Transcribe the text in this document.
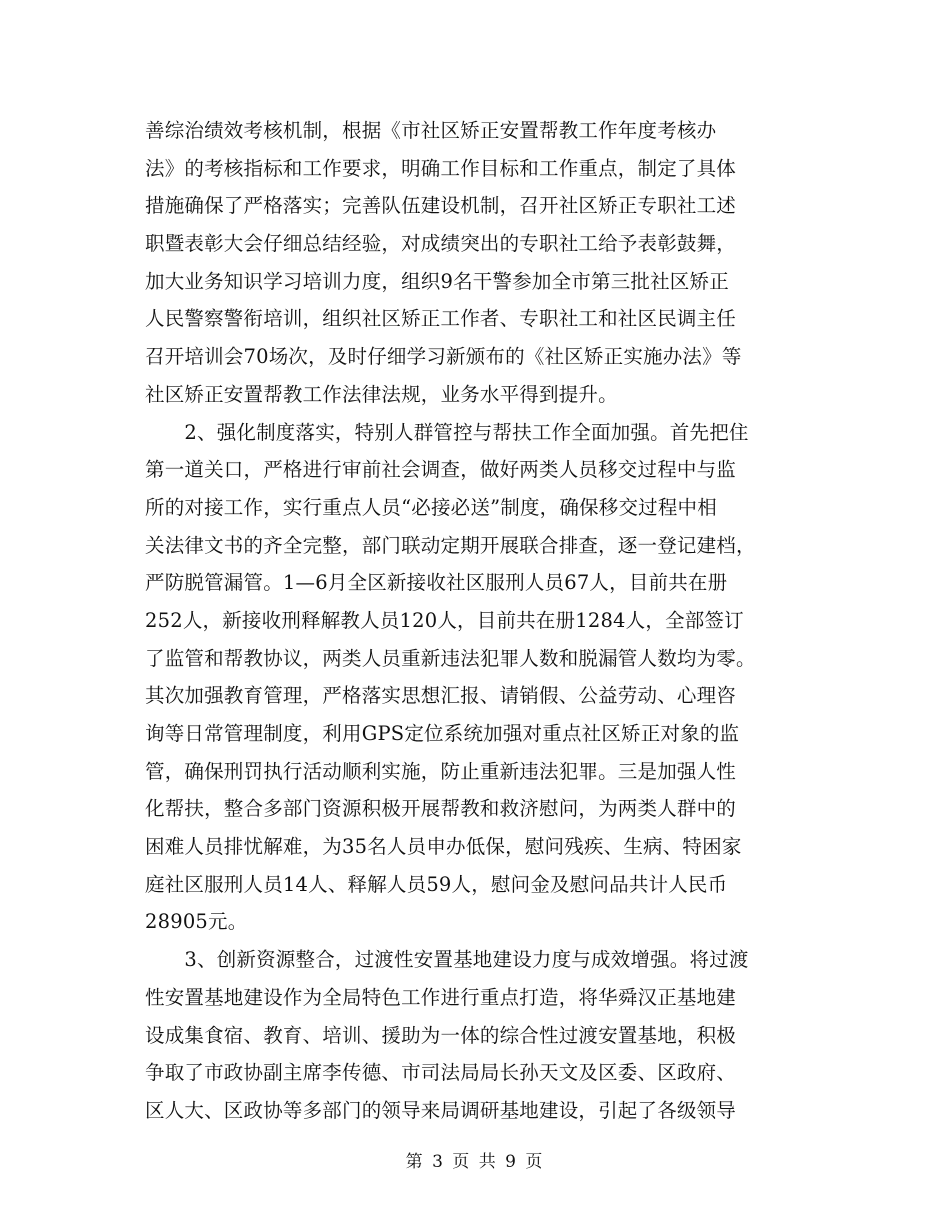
善综治绩效考核机制，根据《市社区矫正安置帮教工作年度考核办
法》的考核指标和工作要求，明确工作目标和工作重点，制定了具体
措施确保了严格落实；完善队伍建设机制，召开社区矫正专职社工述
职暨表彰大会仔细总结经验，对成绩突出的专职社工给予表彰鼓舞，
加大业务知识学习培训力度，组织9名干警参加全市第三批社区矫正
人民警察警衔培训，组织社区矫正工作者、专职社工和社区民调主任
召开培训会70场次，及时仔细学习新颁布的《社区矫正实施办法》等
社区矫正安置帮教工作法律法规，业务水平得到提升。
　　2、强化制度落实，特别人群管控与帮扶工作全面加强。首先把住
第一道关口，严格进行审前社会调查，做好两类人员移交过程中与监
所的对接工作，实行重点人员“必接必送”制度，确保移交过程中相
关法律文书的齐全完整，部门联动定期开展联合排查，逐一登记建档，
严防脱管漏管。1—6月全区新接收社区服刑人员67人，目前共在册
252人，新接收刑释解教人员120人，目前共在册1284人，全部签订
了监管和帮教协议，两类人员重新违法犯罪人数和脱漏管人数均为零。
其次加强教育管理，严格落实思想汇报、请销假、公益劳动、心理咨
询等日常管理制度，利用GPS定位系统加强对重点社区矫正对象的监
管，确保刑罚执行活动顺利实施，防止重新违法犯罪。三是加强人性
化帮扶，整合多部门资源积极开展帮教和救济慰问，为两类人群中的
困难人员排忧解难，为35名人员申办低保，慰问残疾、生病、特困家
庭社区服刑人员14人、释解人员59人，慰问金及慰问品共计人民币
28905元。
　　3、创新资源整合，过渡性安置基地建设力度与成效增强。将过渡
性安置基地建设作为全局特色工作进行重点打造，将华舜汉正基地建
设成集食宿、教育、培训、援助为一体的综合性过渡安置基地，积极
争取了市政协副主席李传德、市司法局局长孙天文及区委、区政府、
区人大、区政协等多部门的领导来局调研基地建设，引起了各级领导
第 3 页 共 9 页
